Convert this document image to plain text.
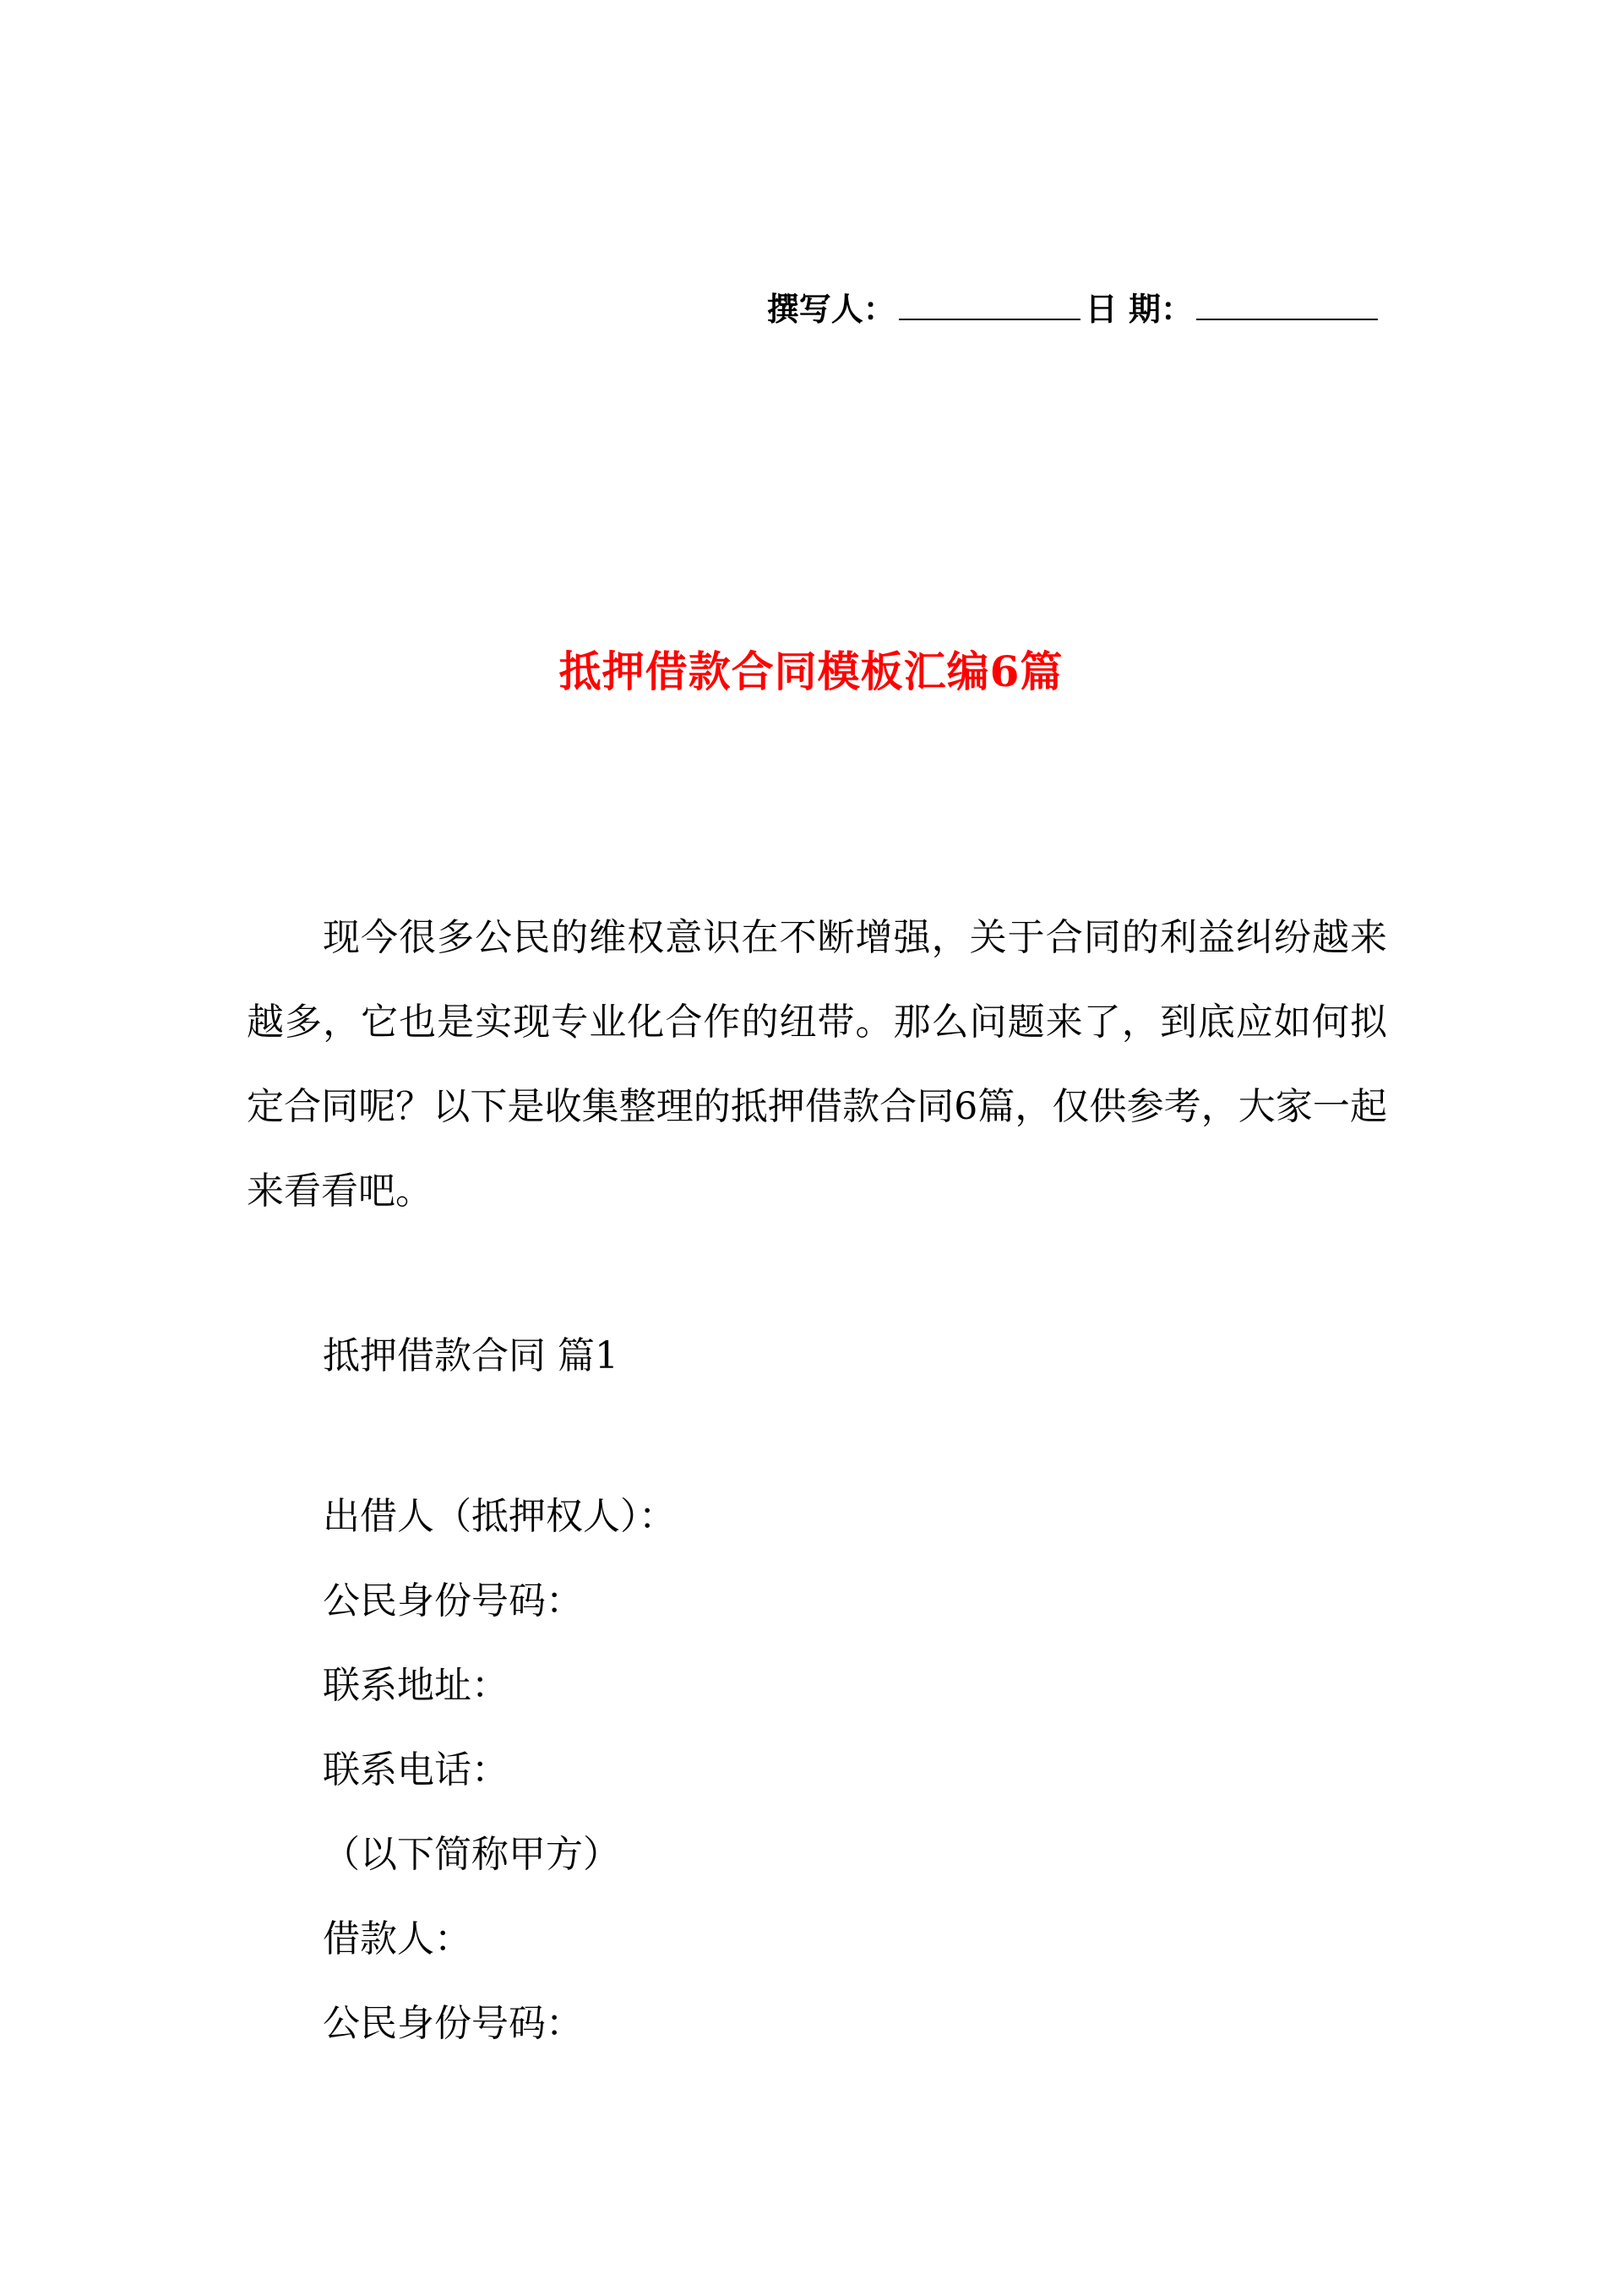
撰写人：	日 期：
抵押借款合同模板汇编6篇

现今很多公民的维权意识在不断增强，关于合同的利益纠纷越来越多，它也是实现专业化合作的纽带。那么问题来了，到底应如何拟定合同呢？以下是收集整理的抵押借款合同6篇，仅供参考，大家一起来看看吧。

抵押借款合同 篇1

出借人（抵押权人）：

公民身份号码：

联系地址：

联系电话：

（以下简称甲方）

借款人：

公民身份号码：
